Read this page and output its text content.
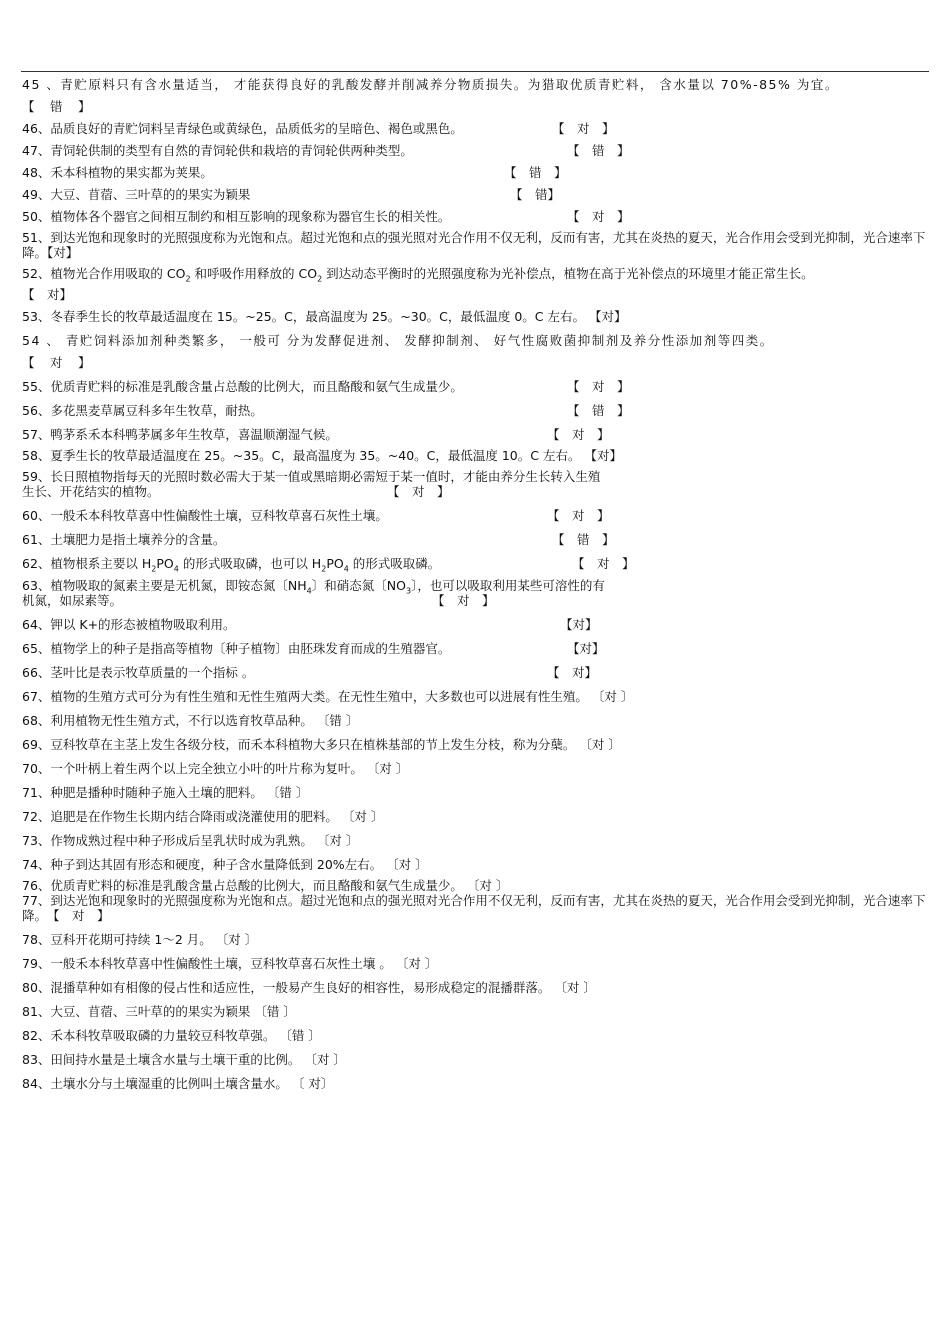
45 、青贮原料只有含水量适当， 才能获得良好的乳酸发酵并削减养分物质损失。为猎取优质青贮料， 含水量以 70%-85% 为宜。
【　错　】
46、品质良好的青贮饲料呈青绿色或黄绿色，品质低劣的呈暗色、褐色或黑色。	【　对　】
47、青饲轮供制的类型有自然的青饲轮供和栽培的青饲轮供两种类型。	【　错　】
48、禾本科植物的果实都为荚果。	【　错　】
49、大豆、苜蓿、三叶草的的果实为颖果	【　错】
50、植物体各个器官之间相互制约和相互影响的现象称为器官生长的相关性。	【　对　】
51、到达光饱和现象时的光照强度称为光饱和点。超过光饱和点的强光照对光合作用不仅无利，反而有害，尤其在炎热的夏天，光合作用会受到光抑制，光合速率下降。【对】
52、植物光合作用吸取的 $CO_2$ 和呼吸作用释放的 $CO_2$ 到达动态平衡时的光照强度称为光补偿点，植物在高于光补偿点的环境里才能正常生长。
【　对】
53、冬春季生长的牧草最适温度在 15。~25。C，最高温度为 25。~30。C，最低温度 0。C 左右。 【对】
54 、 青贮饲料添加剂种类繁多， 一般可 分为发酵促进剂、 发酵抑制剂、 好气性腐败菌抑制剂及养分性添加剂等四类。
【　对　】
55、优质青贮料的标准是乳酸含量占总酸的比例大，而且酪酸和氨气生成量少。	【　对　】
56、多花黑麦草属豆科多年生牧草，耐热。	【　错　】
57、鸭茅系禾本科鸭茅属多年生牧草，喜温顺潮湿气候。	【　对　】
58、夏季生长的牧草最适温度在 25。~35。C，最高温度为 35。~40。C，最低温度 10。C 左右。 【对】
59、长日照植物指每天的光照时数必需大于某一值或黑暗期必需短于某一值时，才能由养分生长转入生殖
生长、开花结实的植物。	【　对　】
60、一般禾本科牧草喜中性偏酸性土壤，豆科牧草喜石灰性土壤。	【　对　】
61、土壤肥力是指土壤养分的含量。	【　错　】
62、植物根系主要以 $H_2PO_4$ 的形式吸取磷，也可以 $H_2PO_4$ 的形式吸取磷。	【　对　】
63、植物吸取的氮素主要是无机氮，即铵态氮〔$NH_4$〕和硝态氮〔$NO_3$〕，也可以吸取利用某些可溶性的有
机氮，如尿素等。	【　对　】
64、钾以 K+的形态被植物吸取利用。	【对】
65、植物学上的种子是指高等植物〔种子植物〕由胚珠发育而成的生殖器官。	【对】
66、茎叶比是表示牧草质量的一个指标 。	【　对】
67、植物的生殖方式可分为有性生殖和无性生殖两大类。在无性生殖中，大多数也可以进展有性生殖。 〔对 〕
68、利用植物无性生殖方式，不行以选育牧草品种。 〔错 〕
69、豆科牧草在主茎上发生各级分枝，而禾本科植物大多只在植株基部的节上发生分枝，称为分蘖。 〔对 〕
70、一个叶柄上着生两个以上完全独立小叶的叶片称为复叶。 〔对 〕
71、种肥是播种时随种子施入土壤的肥料。 〔错 〕
72、追肥是在作物生长期内结合降雨或浇灌使用的肥料。 〔对 〕
73、作物成熟过程中种子形成后呈乳状时成为乳熟。 〔对 〕
74、种子到达其固有形态和硬度，种子含水量降低到 20%左右。 〔对 〕
76、优质青贮料的标准是乳酸含量占总酸的比例大，而且酪酸和氨气生成量少。 〔对 〕
77、到达光饱和现象时的光照强度称为光饱和点。超过光饱和点的强光照对光合作用不仅无利，反而有害，尤其在炎热的夏天，光合作用会受到光抑制，光合速率下降。　 【　对　】
78、豆科开花期可持续 1～2 月。 〔对 〕
79、一般禾本科牧草喜中性偏酸性土壤，豆科牧草喜石灰性土壤 。 〔对 〕
80、混播草种如有相像的侵占性和适应性，一般易产生良好的相容性，易形成稳定的混播群落。 〔对 〕
81、大豆、苜蓿、三叶草的的果实为颖果 〔错 〕
82、禾本科牧草吸取磷的力量较豆科牧草强。 〔错 〕
83、田间持水量是土壤含水量与土壤干重的比例。 〔对 〕
84、土壤水分与土壤湿重的比例叫土壤含量水。 〔 对〕
